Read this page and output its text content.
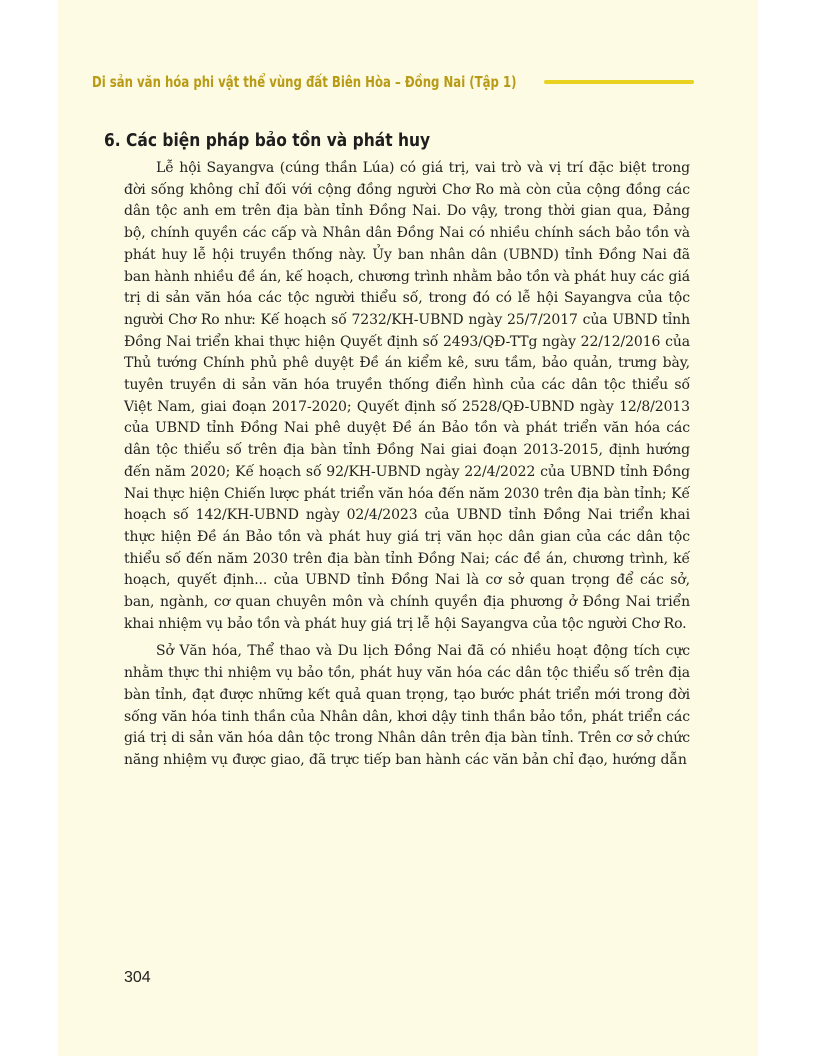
Di sản văn hóa phi vật thể vùng đất Biên Hòa – Đồng Nai (Tập 1)
6. Các biện pháp bảo tồn và phát huy

Lễ hội Sayangva (cúng thần Lúa) có giá trị, vai trò và vị trí đặc biệt trong đời sống không chỉ đối với cộng đồng người Chơ Ro mà còn của cộng đồng các dân tộc anh em trên địa bàn tỉnh Đồng Nai. Do vậy, trong thời gian qua, Đảng bộ, chính quyền các cấp và Nhân dân Đồng Nai có nhiều chính sách bảo tồn và phát huy lễ hội truyền thống này. Ủy ban nhân dân (UBND) tỉnh Đồng Nai đã ban hành nhiều đề án, kế hoạch, chương trình nhằm bảo tồn và phát huy các giá trị di sản văn hóa các tộc người thiểu số, trong đó có lễ hội Sayangva của tộc người Chơ Ro như: Kế hoạch số 7232/KH-UBND ngày 25/7/2017 của UBND tỉnh Đồng Nai triển khai thực hiện Quyết định số 2493/QĐ-TTg ngày 22/12/2016 của Thủ tướng Chính phủ phê duyệt Đề án kiểm kê, sưu tầm, bảo quản, trưng bày, tuyên truyền di sản văn hóa truyền thống điển hình của các dân tộc thiểu số Việt Nam, giai đoạn 2017-2020; Quyết định số 2528/QĐ-UBND ngày 12/8/2013 của UBND tỉnh Đồng Nai phê duyệt Đề án Bảo tồn và phát triển văn hóa các dân tộc thiểu số trên địa bàn tỉnh Đồng Nai giai đoạn 2013-2015, định hướng đến năm 2020; Kế hoạch số 92/KH-UBND ngày 22/4/2022 của UBND tỉnh Đồng Nai thực hiện Chiến lược phát triển văn hóa đến năm 2030 trên địa bàn tỉnh; Kế hoạch số 142/KH-UBND ngày 02/4/2023 của UBND tỉnh Đồng Nai triển khai thực hiện Đề án Bảo tồn và phát huy giá trị văn học dân gian của các dân tộc thiểu số đến năm 2030 trên địa bàn tỉnh Đồng Nai; các đề án, chương trình, kế hoạch, quyết định... của UBND tỉnh Đồng Nai là cơ sở quan trọng để các sở, ban, ngành, cơ quan chuyên môn và chính quyền địa phương ở Đồng Nai triển khai nhiệm vụ bảo tồn và phát huy giá trị lễ hội Sayangva của tộc người Chơ Ro.

Sở Văn hóa, Thể thao và Du lịch Đồng Nai đã có nhiều hoạt động tích cực nhằm thực thi nhiệm vụ bảo tồn, phát huy văn hóa các dân tộc thiểu số trên địa bàn tỉnh, đạt được những kết quả quan trọng, tạo bước phát triển mới trong đời sống văn hóa tinh thần của Nhân dân, khơi dậy tinh thần bảo tồn, phát triển các giá trị di sản văn hóa dân tộc trong Nhân dân trên địa bàn tỉnh. Trên cơ sở chức năng nhiệm vụ được giao, đã trực tiếp ban hành các văn bản chỉ đạo, hướng dẫn

304
